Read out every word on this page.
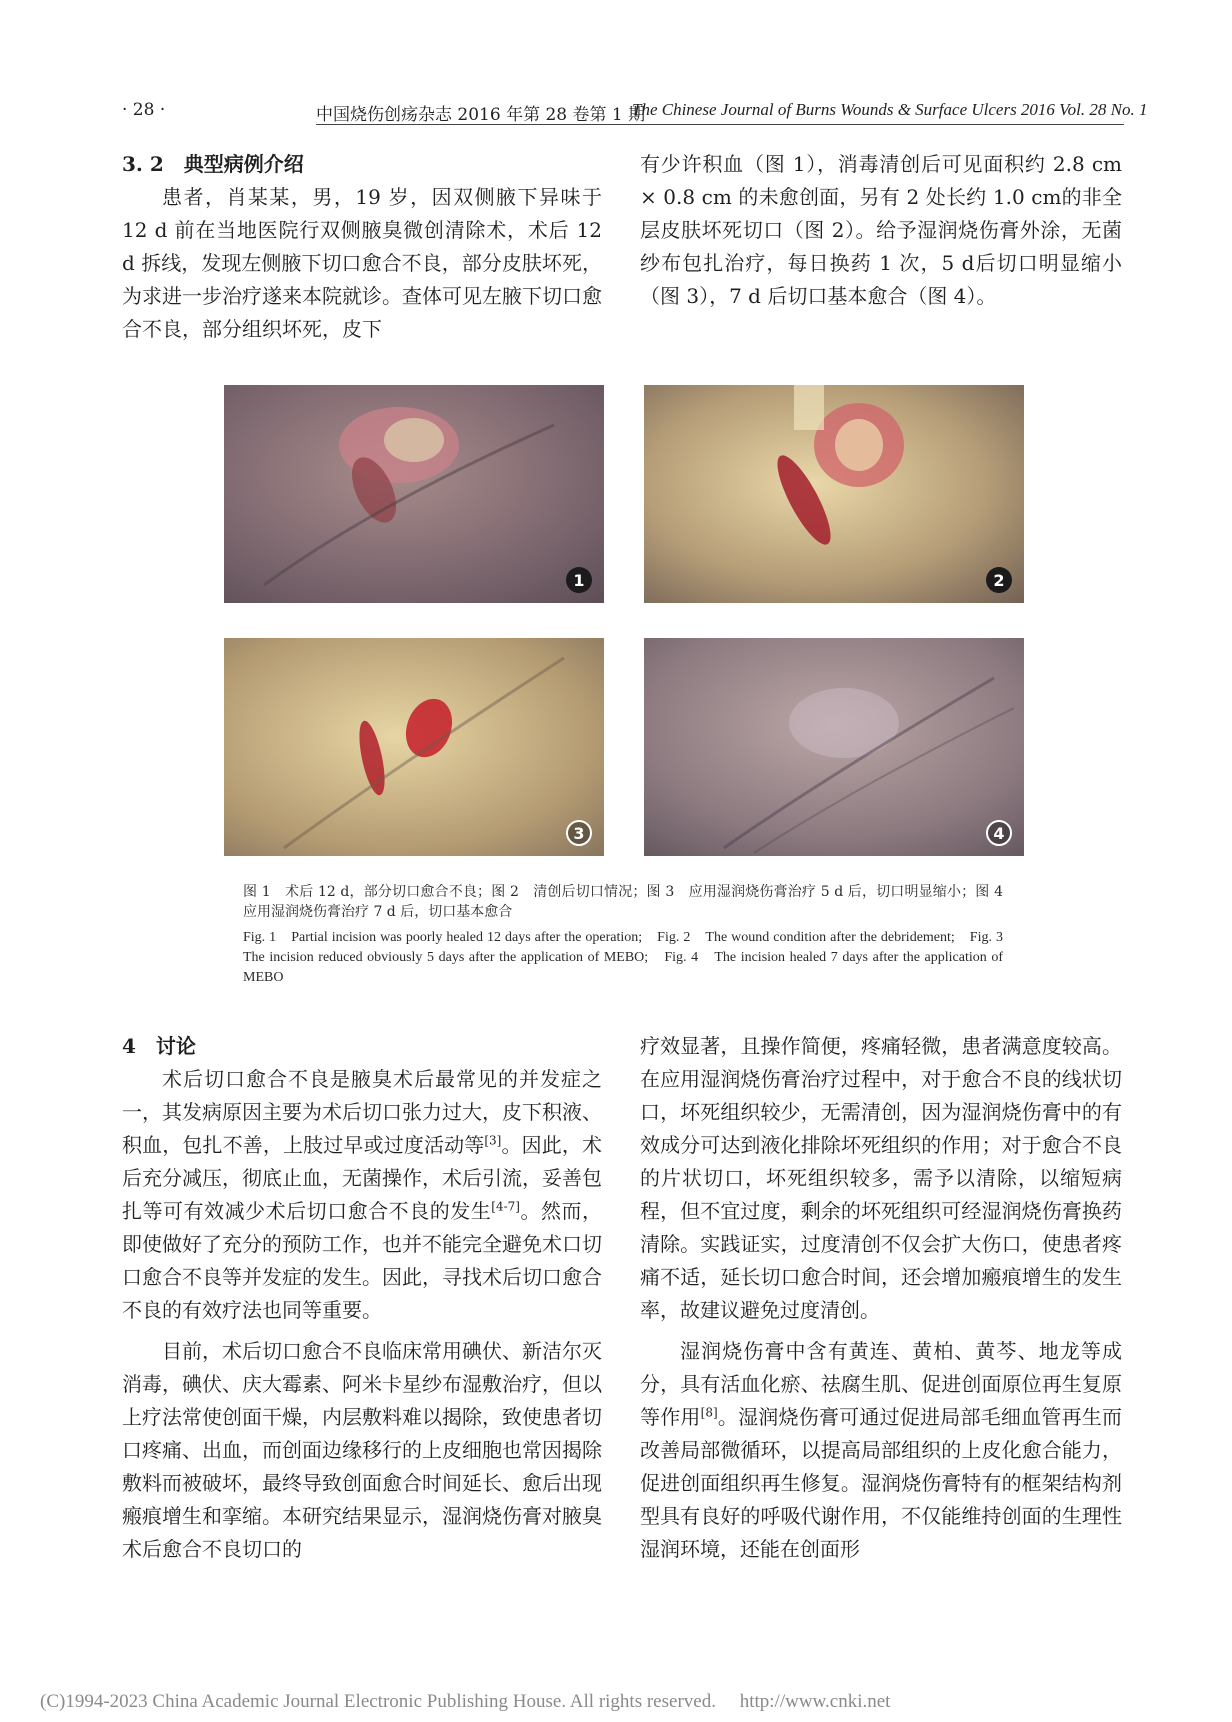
· 28 ·	中国烧伤创疡杂志 2016 年第 28 卷第 1 期
The Chinese Journal of Burns Wounds & Surface Ulcers 2016 Vol. 28 No. 1

3. 2　典型病例介绍

患者，肖某某，男，19 岁，因双侧腋下异味于 12 d 前在当地医院行双侧腋臭微创清除术，术后 12 d 拆线，发现左侧腋下切口愈合不良，部分皮肤坏死，为求进一步治疗遂来本院就诊。查体可见左腋下切口愈合不良，部分组织坏死，皮下

有少许积血（图 1），消毒清创后可见面积约 2.8 cm × 0.8 cm 的未愈创面，另有 2 处长约 1.0 cm的非全层皮肤坏死切口（图 2）。给予湿润烧伤膏外涂，无菌纱布包扎治疗，每日换药 1 次，5 d后切口明显缩小（图 3），7 d 后切口基本愈合（图 4）。

1	2
3	4
图 1　术后 12 d，部分切口愈合不良；图 2　清创后切口情况；图 3　应用湿润烧伤膏治疗 5 d 后，切口明显缩小；图 4　应用湿润烧伤膏治疗 7 d 后，切口基本愈合
Fig. 1　Partial incision was poorly healed 12 days after the operation;　Fig. 2　The wound condition after the debridement;　Fig. 3　The incision reduced obviously 5 days after the application of MEBO;　Fig. 4　The incision healed 7 days after the application of MEBO

4　讨论

术后切口愈合不良是腋臭术后最常见的并发症之一，其发病原因主要为术后切口张力过大，皮下积液、积血，包扎不善，上肢过早或过度活动等[3]。因此，术后充分减压，彻底止血，无菌操作，术后引流，妥善包扎等可有效减少术后切口愈合不良的发生[4-7]。然而，即使做好了充分的预防工作，也并不能完全避免术口切口愈合不良等并发症的发生。因此，寻找术后切口愈合不良的有效疗法也同等重要。

目前，术后切口愈合不良临床常用碘伏、新洁尔灭消毒，碘伏、庆大霉素、阿米卡星纱布湿敷治疗，但以上疗法常使创面干燥，内层敷料难以揭除，致使患者切口疼痛、出血，而创面边缘移行的上皮细胞也常因揭除敷料而被破坏，最终导致创面愈合时间延长、愈后出现瘢痕增生和挛缩。本研究结果显示，湿润烧伤膏对腋臭术后愈合不良切口的

疗效显著，且操作简便，疼痛轻微，患者满意度较高。在应用湿润烧伤膏治疗过程中，对于愈合不良的线状切口，坏死组织较少，无需清创，因为湿润烧伤膏中的有效成分可达到液化排除坏死组织的作用；对于愈合不良的片状切口，坏死组织较多，需予以清除，以缩短病程，但不宜过度，剩余的坏死组织可经湿润烧伤膏换药清除。实践证实，过度清创不仅会扩大伤口，使患者疼痛不适，延长切口愈合时间，还会增加瘢痕增生的发生率，故建议避免过度清创。

湿润烧伤膏中含有黄连、黄柏、黄芩、地龙等成分，具有活血化瘀、祛腐生肌、促进创面原位再生复原等作用[8]。湿润烧伤膏可通过促进局部毛细血管再生而改善局部微循环，以提高局部组织的上皮化愈合能力，促进创面组织再生修复。湿润烧伤膏特有的框架结构剂型具有良好的呼吸代谢作用，不仅能维持创面的生理性湿润环境，还能在创面形

(C)1994-2023 China Academic Journal Electronic Publishing House. All rights reserved.　 http://www.cnki.net
